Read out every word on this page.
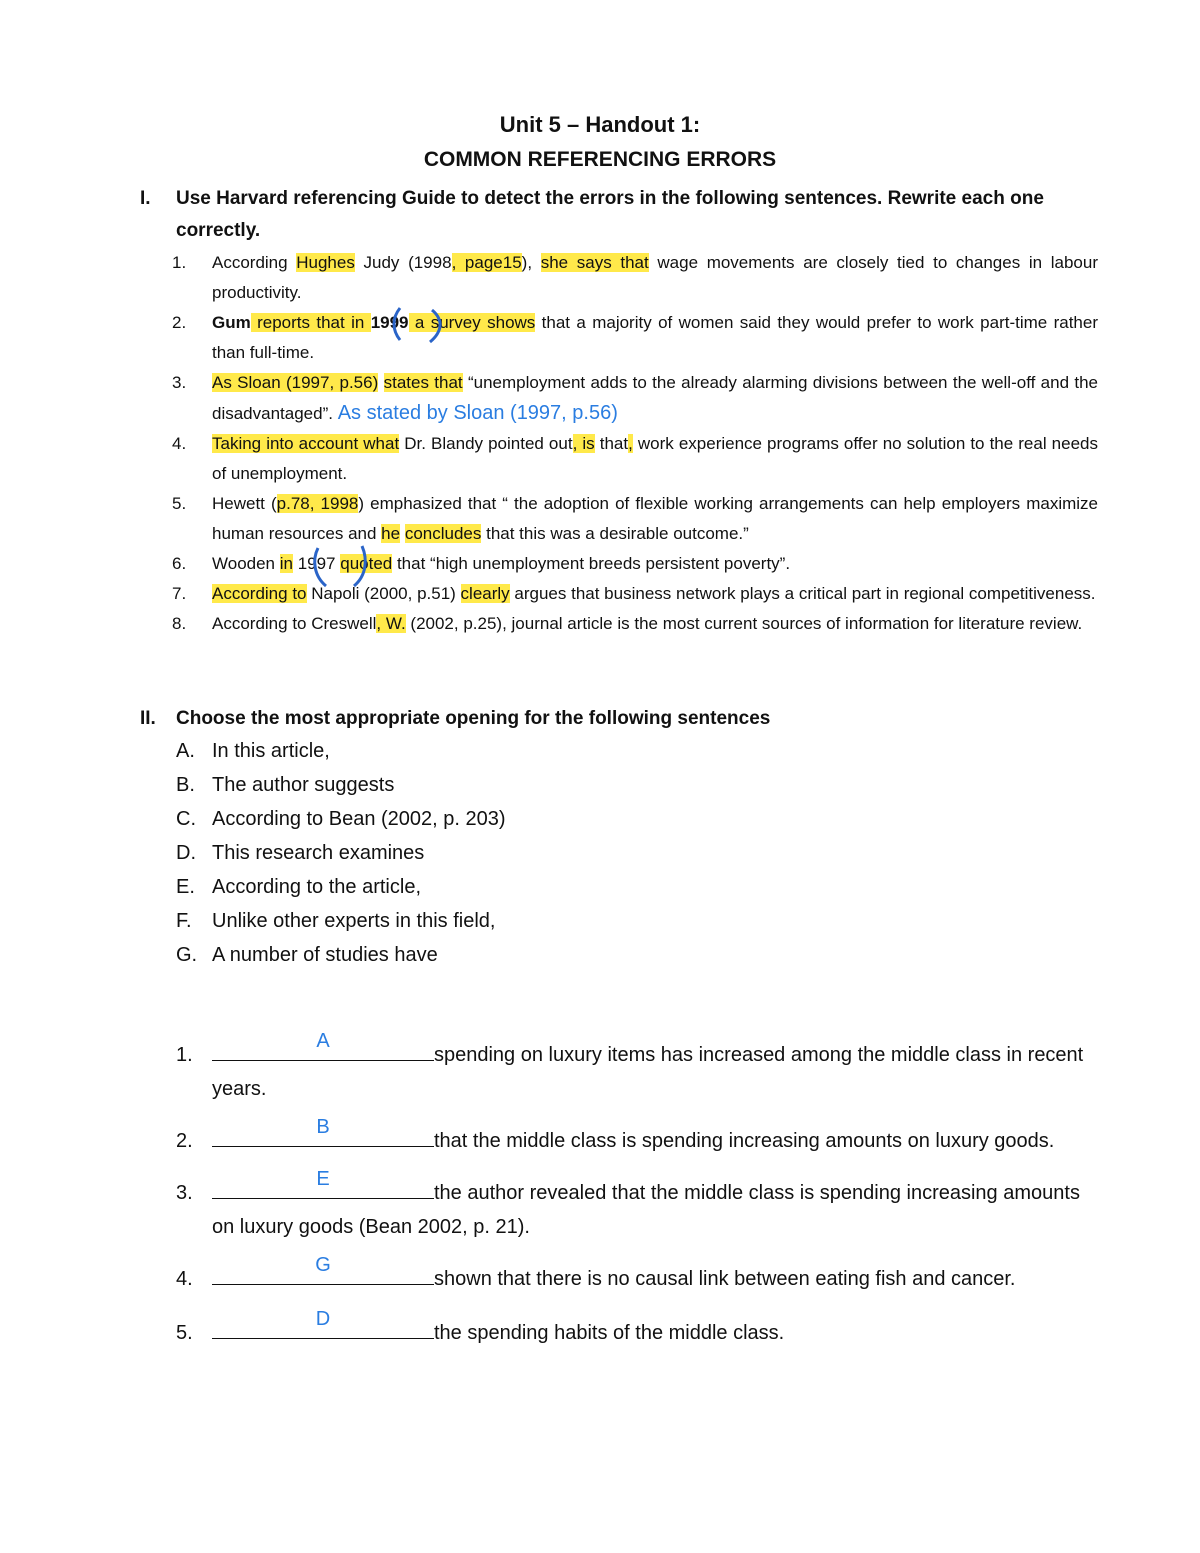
Unit 5 – Handout 1:
COMMON REFERENCING ERRORS
I.	Use Harvard referencing Guide to detect the errors in the following sentences. Rewrite each one correctly.

1.	According Hughes Judy (1998, page15), she says that wage movements are closely tied to changes in labour productivity.

2.	Gum reports that in 1999 a survey shows that a majority of women said they would prefer to work part-time rather than full-time.

3.	As Sloan (1997, p.56) states that “unemployment adds to the already alarming divisions between the well-off and the disadvantaged”. As stated by Sloan (1997, p.56)

4.	Taking into account what Dr. Blandy pointed out, is that, work experience programs offer no solution to the real needs of unemployment.

5.	Hewett (p.78, 1998) emphasized that “ the adoption of flexible working arrangements can help employers maximize human resources and he concludes that this was a desirable outcome.”

6.	Wooden in 1997 quoted that “high unemployment breeds persistent poverty”.

7.	According to Napoli (2000, p.51) clearly argues that business network plays a critical part in regional competitiveness.

8.	According to Creswell, W. (2002, p.25), journal article is the most current sources of information for literature review.

II.	Choose the most appropriate opening for the following sentences
A. In this article,
B. The author suggests
C. According to Bean (2002, p. 203)
D. This research examines
E. According to the article,
F.	Unlike other experts in this field,
G. A number of studies have
1.
A
spending on luxury items has increased among the middle class in recent years.
2.
B
that the middle class is spending increasing amounts on luxury goods.
3.
E
the author revealed that the middle class is spending increasing amounts on luxury goods (Bean 2002, p. 21).
4.
G
shown that there is no causal link between eating fish and cancer.
5.
D
the spending habits of the middle class.
